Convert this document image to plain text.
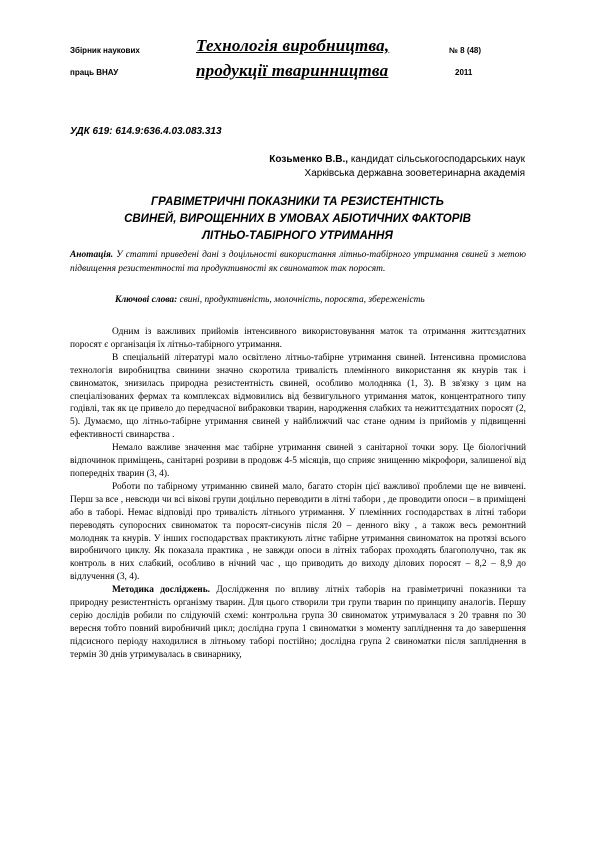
Збірник наукових
праць ВНАУ
Технологія виробництва,
продукції тваринництва
№ 8 (48)
2011
УДК 619: 614.9:636.4.03.083.313
Козьменко В.В., кандидат сільськогосподарських наук
Харківська державна зооветеринарна академія
ГРАВІМЕТРИЧНІ ПОКАЗНИКИ ТА РЕЗИСТЕНТНІСТЬ
СВИНЕЙ, ВИРОЩЕННИХ В УМОВАХ АБІОТИЧНИХ ФАКТОРІВ
ЛІТНЬО-ТАБІРНОГО УТРИМАННЯ
Анотація. У статті приведені дані з доцільності використання літньо-табірного утримання свиней з метою підвищення резистентності та продуктивності як свиноматок так поросят.
Ключові слова: свині, продуктивність, молочність, поросята, збереженість

Одним із важливих прийомів інтенсивного використовування маток та отримання життєздатних поросят є організація їх літньо-табірного утримання.

В спеціальній літературі мало освітлено літньо-табірне утримання свиней. Інтенсивна промислова технологія виробництва свинини значно скоротила тривалість племінного використання як кнурів так і свиноматок, знизилась природна резистентність свиней, особливо молодняка (1, 3). В зв'язку з цим на спеціалізованих фермах та комплексах відмовились від безвигульного утримання маток, концентратного типу годівлі, так як це привело до передчасної вибраковки тварин, народження слабких та нежиттєздатних поросят (2, 5). Думаємо, що літньо-табірне утримання свиней у найближчий час стане одним із прийомів у підвищенні ефективності свинарства .

Немало важливе значення має табірне утримання свиней з санітарної точки зору. Це біологічний відпочинок приміщень, санітарні розриви в продовж 4-5 місяців, що сприяє знищенню мікрофори, залишеної від попередніх тварин (3, 4).

Роботи по табірному утриманню свиней мало, багато сторін цієї важливої проблеми ще не вивчені. Перш за все , невсюди чи всі вікові групи доцільно переводити в літні табори , де проводити опоси – в приміщені або в таборі. Немає відповіді про тривалість літнього утримання. У племінних господарствах в літні табори переводять супоросних свиноматок та поросят-сисунів після 20 – денного віку , а також весь ремонтний молодняк та кнурів. У інших господарствах практикують літнє табірне утримання свиноматок на протязі всього виробничого циклу. Як показала практика , не завжди опоси в літніх таборах проходять благополучно, так як контроль в них слабкий, особливо в нічний час , що приводить до виходу ділових поросят – 8,2 – 8,9 до відлучення (3, 4).

Методика досліджень. Дослідження по впливу літніх таборів на гравіметричні показники та природну резистентність організму тварин. Для цього створили три групи тварин по принципу аналогів. Першу серію дослідів робили по слідуючій схемі: контрольна група 30 свиноматок утримувалася з 20 травня по 30 вересня тобто повний виробничий цикл; дослідна група 1 свиноматки з моменту запліднення та до завершення підсисного періоду находилися в літньому таборі постійно; дослідна група 2 свиноматки після запліднення в термін 30 днів утримувалась в свинарнику,
